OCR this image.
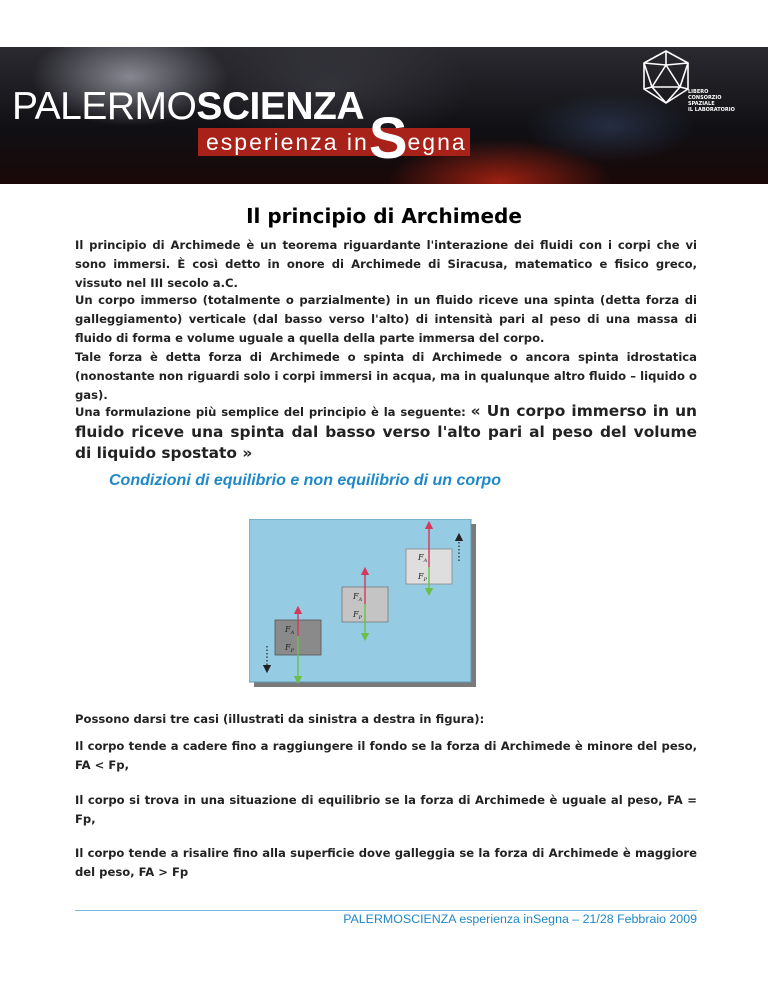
PALERMOSCIENZA
esperienza inSegna
LIBERO
CONSORZIO
SPAZIALE
IL LABORATORIO
Il principio di Archimede
Il principio di Archimede è un teorema riguardante l'interazione dei fluidi con i corpi che vi sono immersi. È così detto in onore di Archimede di Siracusa, matematico e fisico greco, vissuto nel III secolo a.C.
Un corpo immerso (totalmente o parzialmente) in un fluido riceve una spinta (detta forza di galleggiamento) verticale (dal basso verso l'alto) di intensità pari al peso di una massa di fluido di forma e volume uguale a quella della parte immersa del corpo.
Tale forza è detta forza di Archimede o spinta di Archimede o ancora spinta idrostatica (nonostante non riguardi solo i corpi immersi in acqua, ma in qualunque altro fluido – liquido o gas).
Una formulazione più semplice del principio è la seguente: « Un corpo immerso in un fluido riceve una spinta dal basso verso l'alto pari al peso del volume di liquido spostato »
Condizioni di equilibrio e non equilibrio di un corpo
$F_A$
$F_P$
$F_A$
$F_P$
$F_A$
$F_P$
Possono darsi tre casi (illustrati da sinistra a destra in figura):
Il corpo tende a cadere fino a raggiungere il fondo se la forza di Archimede è minore del peso, FA < Fp,
Il corpo si trova in una situazione di equilibrio se la forza di Archimede è uguale al peso, FA = Fp,
Il corpo tende a risalire fino alla superficie dove galleggia se la forza di Archimede è maggiore del peso, FA > Fp
PALERMOSCIENZA esperienza inSegna – 21/28 Febbraio 2009
